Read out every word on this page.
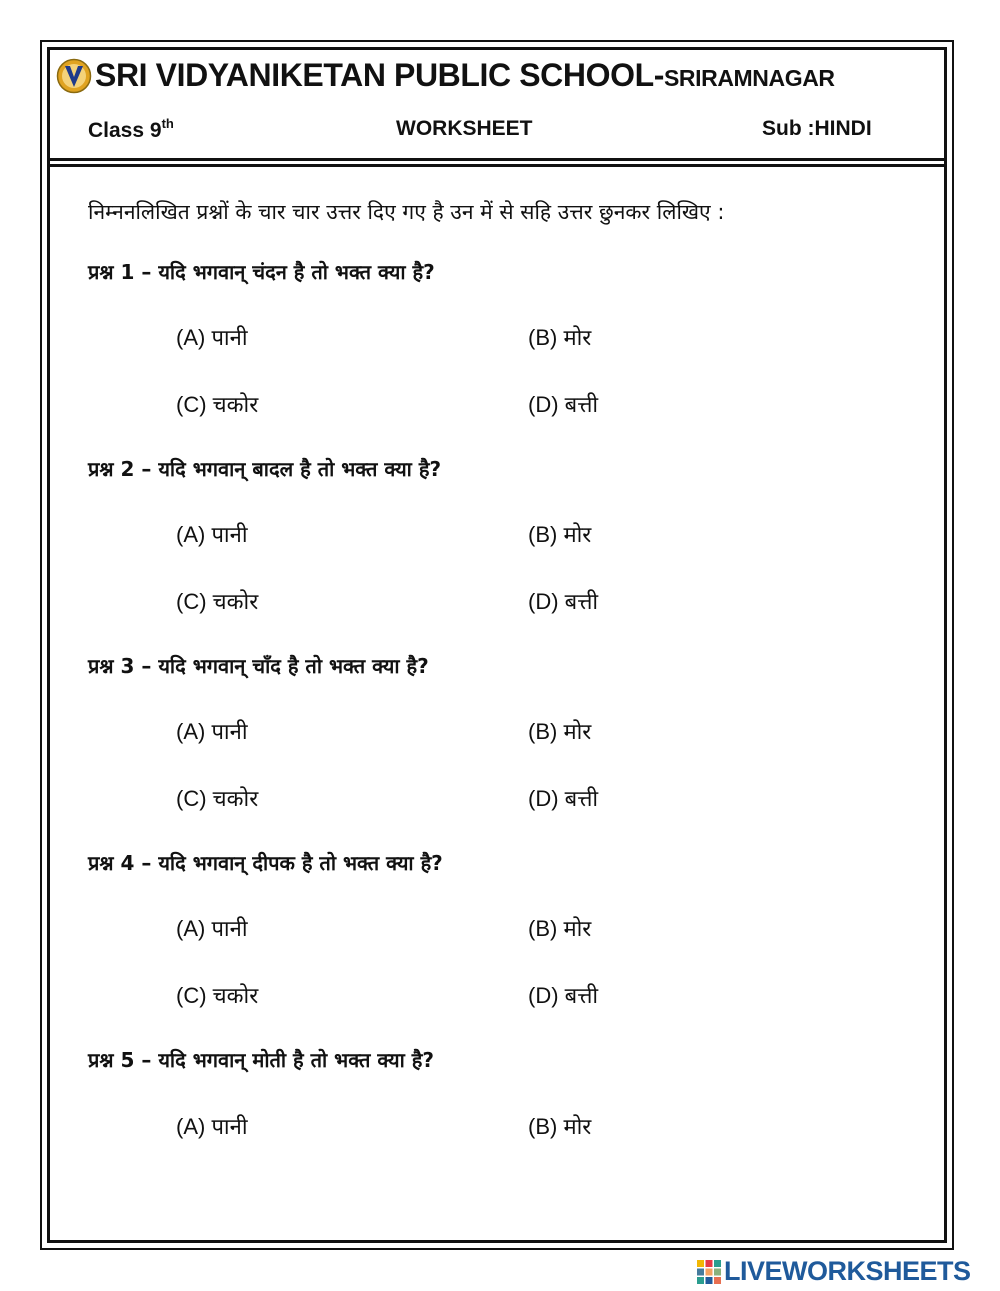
SRI VIDYANIKETAN PUBLIC SCHOOL-SRIRAMNAGAR
Class 9th	WORKSHEET	Sub :HINDI
निम्ननलिखित प्रश्नों के चार चार उत्तर दिए गए है उन में से सहि उत्तर छुनकर लिखिए :
प्रश्न 1 – यदि भगवान् चंदन है तो भक्त क्या है?
(A) पानी	(B) मोर
(C) चकोर	(D) बत्ती
प्रश्न 2 – यदि भगवान् बादल है तो भक्त क्या है?
(A) पानी	(B) मोर
(C) चकोर	(D) बत्ती
प्रश्न 3 – यदि भगवान् चाँद है तो भक्त क्या है?
(A) पानी	(B) मोर
(C) चकोर	(D) बत्ती
प्रश्न 4 – यदि भगवान् दीपक है तो भक्त क्या है?
(A) पानी	(B) मोर
(C) चकोर	(D) बत्ती
प्रश्न 5 – यदि भगवान् मोती है तो भक्त क्या है?
(A) पानी	(B) मोर
LIVEWORKSHEETS
